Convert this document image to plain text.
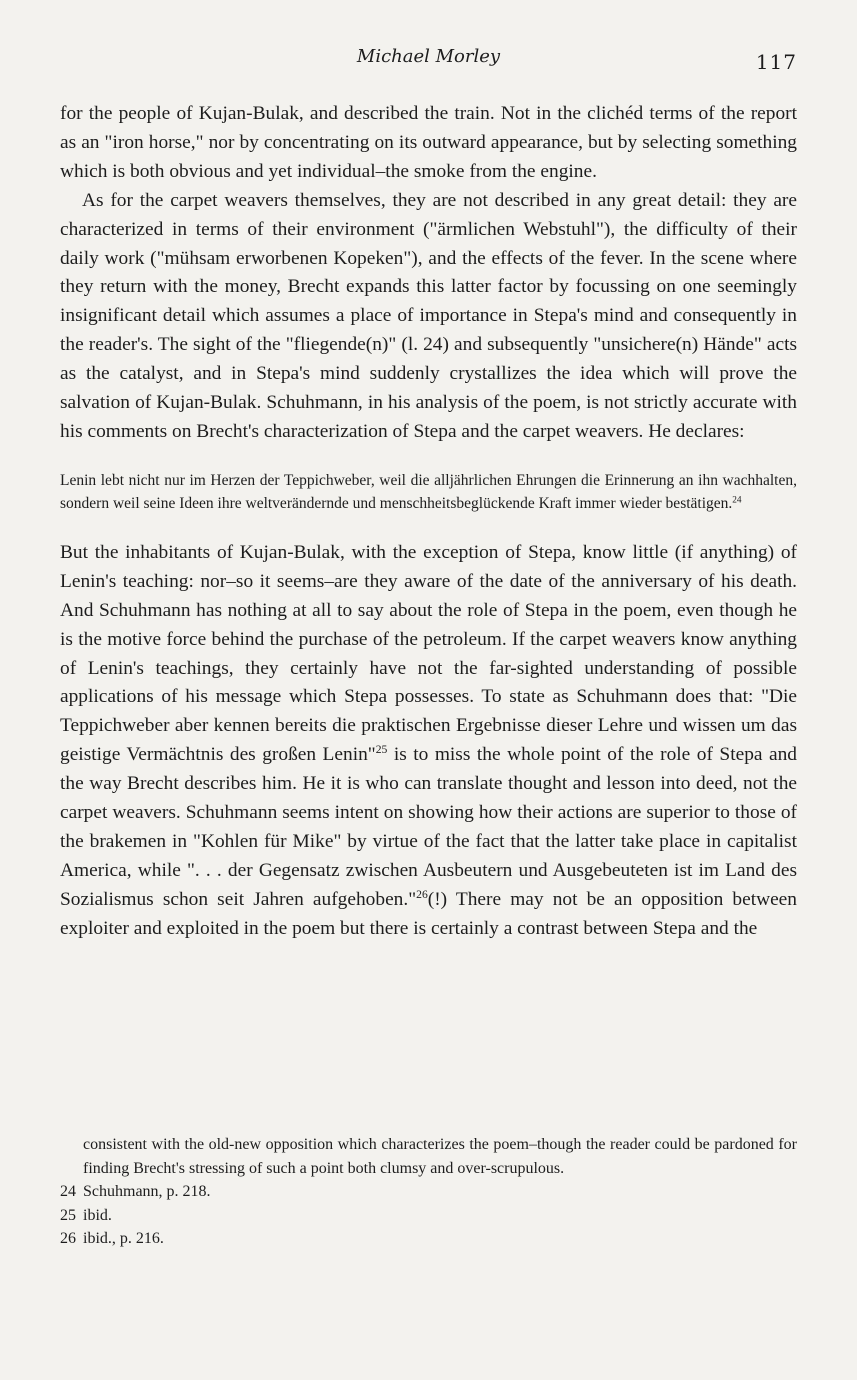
Michael Morley	117

for the people of Kujan-Bulak, and described the train. Not in the clichéd terms of the report as an "iron horse," nor by concentrating on its outward appearance, but by selecting something which is both obvious and yet individual–the smoke from the engine.

As for the carpet weavers themselves, they are not described in any great detail: they are characterized in terms of their environment ("ärmlichen Webstuhl"), the difficulty of their daily work ("mühsam erworbenen Kopeken"), and the effects of the fever. In the scene where they return with the money, Brecht expands this latter factor by focussing on one seemingly insignificant detail which assumes a place of importance in Stepa's mind and consequently in the reader's. The sight of the "fliegende(n)" (l. 24) and subsequently "unsichere(n) Hände" acts as the catalyst, and in Stepa's mind suddenly crystallizes the idea which will prove the salvation of Kujan-Bulak. Schuhmann, in his analysis of the poem, is not strictly accurate with his comments on Brecht's characterization of Stepa and the carpet weavers. He declares:

Lenin lebt nicht nur im Herzen der Teppichweber, weil die alljährlichen Ehrungen die Erinnerung an ihn wachhalten, sondern weil seine Ideen ihre weltverändernde und menschheitsbeglückende Kraft immer wieder bestätigen.$^{24}$

But the inhabitants of Kujan-Bulak, with the exception of Stepa, know little (if anything) of Lenin's teaching: nor–so it seems–are they aware of the date of the anniversary of his death. And Schuhmann has nothing at all to say about the role of Stepa in the poem, even though he is the motive force behind the purchase of the petroleum. If the carpet weavers know anything of Lenin's teachings, they certainly have not the far-sighted understanding of possible applications of his message which Stepa possesses. To state as Schuhmann does that: "Die Teppichweber aber kennen bereits die praktischen Ergebnisse dieser Lehre und wissen um das geistige Vermächtnis des großen Lenin"$^{25}$ is to miss the whole point of the role of Stepa and the way Brecht describes him. He it is who can translate thought and lesson into deed, not the carpet weavers. Schuhmann seems intent on showing how their actions are superior to those of the brakemen in "Kohlen für Mike" by virtue of the fact that the latter take place in capitalist America, while ". . . der Gegensatz zwischen Ausbeutern und Ausgebeuteten ist im Land des Sozialismus schon seit Jahren aufgehoben."$^{26}$(!) There may not be an opposition between exploiter and exploited in the poem but there is certainly a contrast between Stepa and the

consistent with the old-new opposition which characterizes the poem–though the reader could be pardoned for finding Brecht's stressing of such a point both clumsy and over-scrupulous.

24 Schuhmann, p. 218.

25 ibid.

26 ibid., p. 216.
